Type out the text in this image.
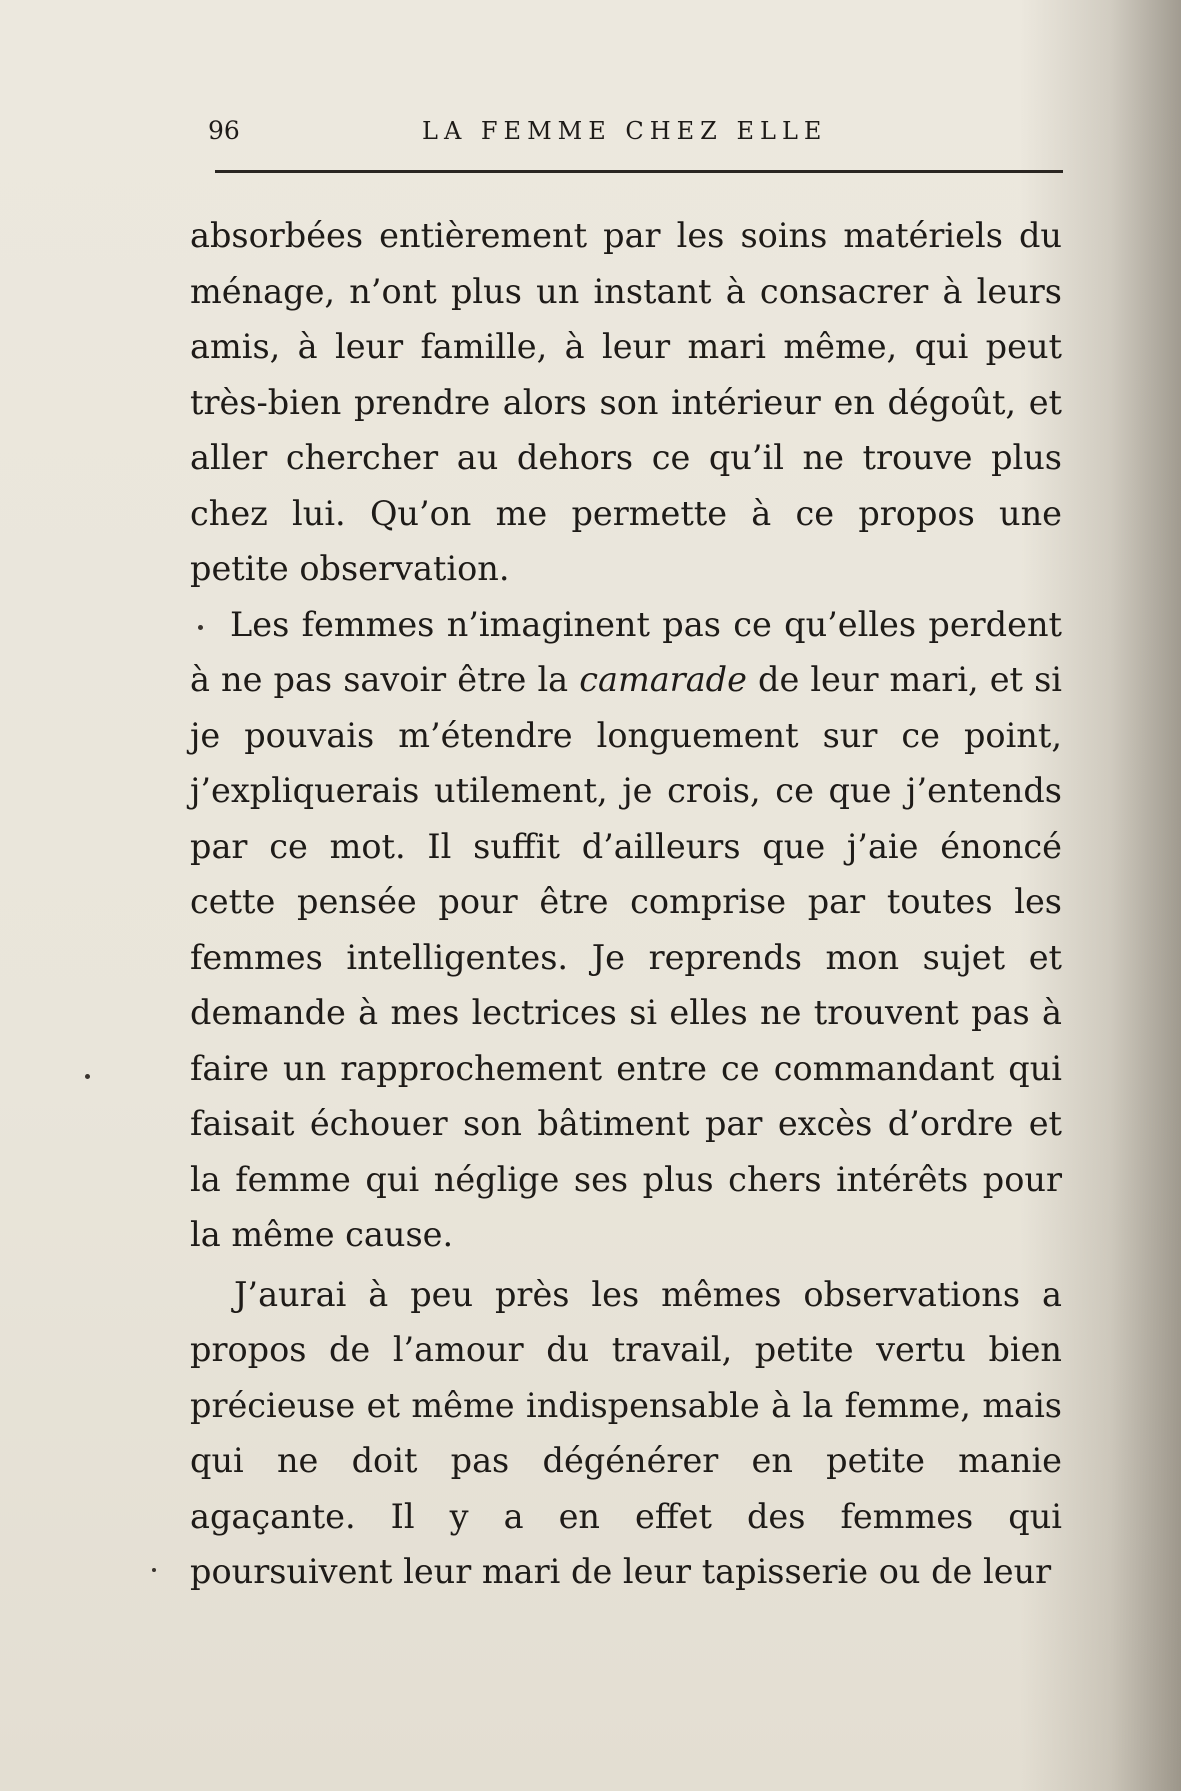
96	LA FEMME CHEZ ELLE

absorbées entièrement par les soins matériels du ménage, n’ont plus un instant à consacrer à leurs amis, à leur famille, à leur mari même, qui peut très-bien prendre alors son intérieur en dégoût, et aller chercher au dehors ce qu’il ne trouve plus chez lui. Qu’on me permette à ce propos une petite observation.

Les femmes n’imaginent pas ce qu’elles perdent à ne pas savoir être la camarade de leur mari, et si je pouvais m’étendre longuement sur ce point, j’expliquerais utilement, je crois, ce que j’entends par ce mot. Il suffit d’ailleurs que j’aie énoncé cette pensée pour être comprise par toutes les femmes intelligentes. Je reprends mon sujet et demande à mes lectrices si elles ne trouvent pas à faire un rapprochement entre ce commandant qui faisait échouer son bâtiment par excès d’ordre et la femme qui néglige ses plus chers intérêts pour la même cause.

J’aurai à peu près les mêmes observations a propos de l’amour du travail, petite vertu bien précieuse et même indispensable à la femme, mais qui ne doit pas dégénérer en petite manie agaçante. Il y a en effet des femmes qui poursuivent leur mari de leur tapisserie ou de leur
